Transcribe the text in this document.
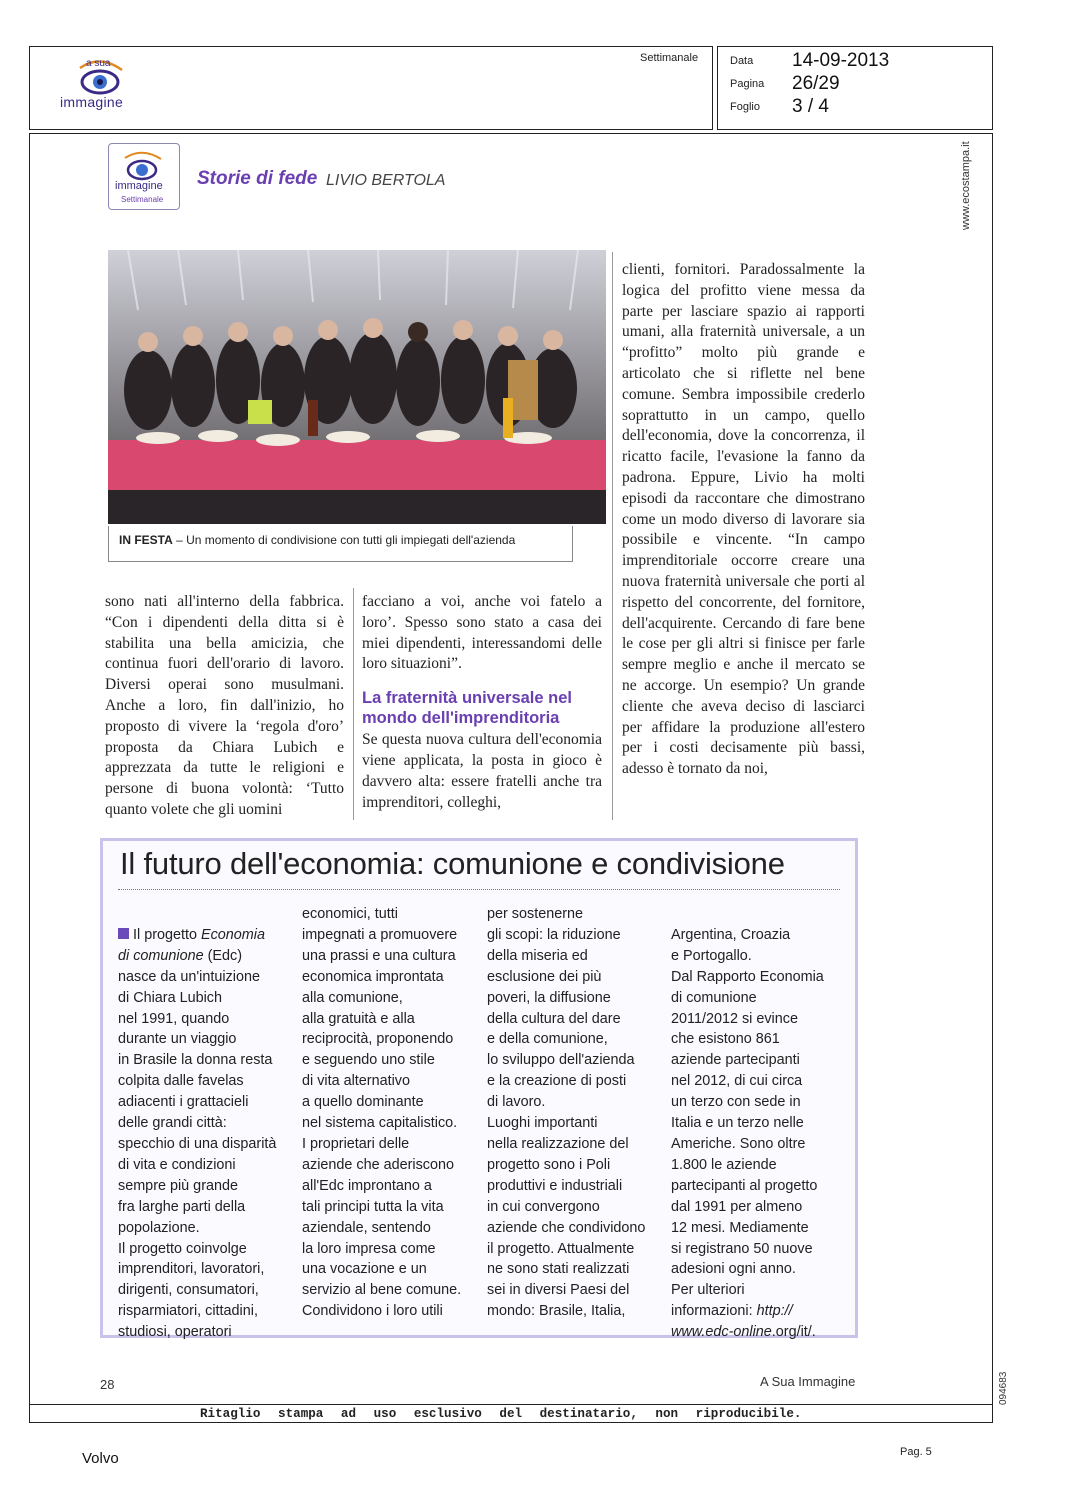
a sua
immagine
Settimanale	Data 14-09-2013
Pagina 26/29
Foglio 3 / 4
www.ecostampa.it
094683
immagine
Settimanale
Storie di fede LIVIO BERTOLA
IN FESTA – Un momento di condivisione con tutti gli impiegati dell'azienda
clienti, fornitori. Paradossalmente la logica del profitto viene messa da parte per lasciare spazio ai rapporti umani, alla fraternità universale, a un “profitto” molto più grande e articolato che si riflette nel bene comune. Sembra impossibile crederlo soprattutto in un campo, quello dell'economia, dove la concorrenza, il ricatto facile, l'evasione la fanno da padrona. Eppure, Livio ha molti episodi da raccontare che dimostrano come un modo diverso di lavorare sia possibile e vincente. “In campo imprenditoriale occorre creare una nuova fraternità universale che porti al rispetto del concorrente, del fornitore, dell'acquirente. Cercando di fare bene le cose per gli altri si finisce per farle sempre meglio e anche il mercato se ne accorge. Un esempio? Un grande cliente che aveva deciso di lasciarci per affidare la produzione all'estero per i costi decisamente più bassi, adesso è tornato da noi,
sono nati all'interno della fabbrica. “Con i dipendenti della ditta si è stabilita una bella amicizia, che continua fuori dell'orario di lavoro. Diversi operai sono musulmani. Anche a loro, fin dall'inizio, ho proposto di vivere la ‘regola d'oro’ proposta da Chiara Lubich e apprezzata da tutte le religioni e persone di buona volontà: ‘Tutto quanto volete che gli uomini
facciano a voi, anche voi fatelo a loro’. Spesso sono stato a casa dei miei dipendenti, interessandomi delle loro situazioni”.
La fraternità universale nel mondo dell'imprenditoria
Se questa nuova cultura dell'economia viene applicata, la posta in gioco è davvero alta: essere fratelli anche tra imprenditori, colleghi,
Il futuro dell'economia: comunione e condivisione

Il progetto Economia
di comunione (Edc)
nasce da un'intuizione
di Chiara Lubich
nel 1991, quando
durante un viaggio
in Brasile la donna resta
colpita dalle favelas
adiacenti i grattacieli
delle grandi città:
specchio di una disparità
di vita e condizioni
sempre più grande
fra larghe parti della
popolazione.
Il progetto coinvolge
imprenditori, lavoratori,
dirigenti, consumatori,
risparmiatori, cittadini,
studiosi, operatori

economici, tutti
impegnati a promuovere
una prassi e una cultura
economica improntata
alla comunione,
alla gratuità e alla
reciprocità, proponendo
e seguendo uno stile
di vita alternativo
a quello dominante
nel sistema capitalistico.
I proprietari delle
aziende che aderiscono
all'Edc improntano a
tali principi tutta la vita
aziendale, sentendo
la loro impresa come
una vocazione e un
servizio al bene comune.
Condividono i loro utili
per sostenerne
gli scopi: la riduzione
della miseria ed
esclusione dei più
poveri, la diffusione
della cultura del dare
e della comunione,
lo sviluppo dell'azienda
e la creazione di posti
di lavoro.
Luoghi importanti
nella realizzazione del
progetto sono i Poli
produttivi e industriali
in cui convergono
aziende che condividono
il progetto. Attualmente
ne sono stati realizzati
sei in diversi Paesi del
mondo: Brasile, Italia,

Argentina, Croazia
e Portogallo.
Dal Rapporto Economia
di comunione
2011/2012 si evince
che esistono 861
aziende partecipanti
nel 2012, di cui circa
un terzo con sede in
Italia e un terzo nelle
Americhe. Sono oltre
1.800 le aziende
partecipanti al progetto
dal 1991 per almeno
12 mesi. Mediamente
si registrano 50 nuove
adesioni ogni anno.
Per ulteriori
informazioni: http://
www.edc-online.org/it/.

28	A Sua Immagine
Ritaglio stampa ad uso esclusivo del destinatario, non riproducibile.
Volvo	Pag. 5
